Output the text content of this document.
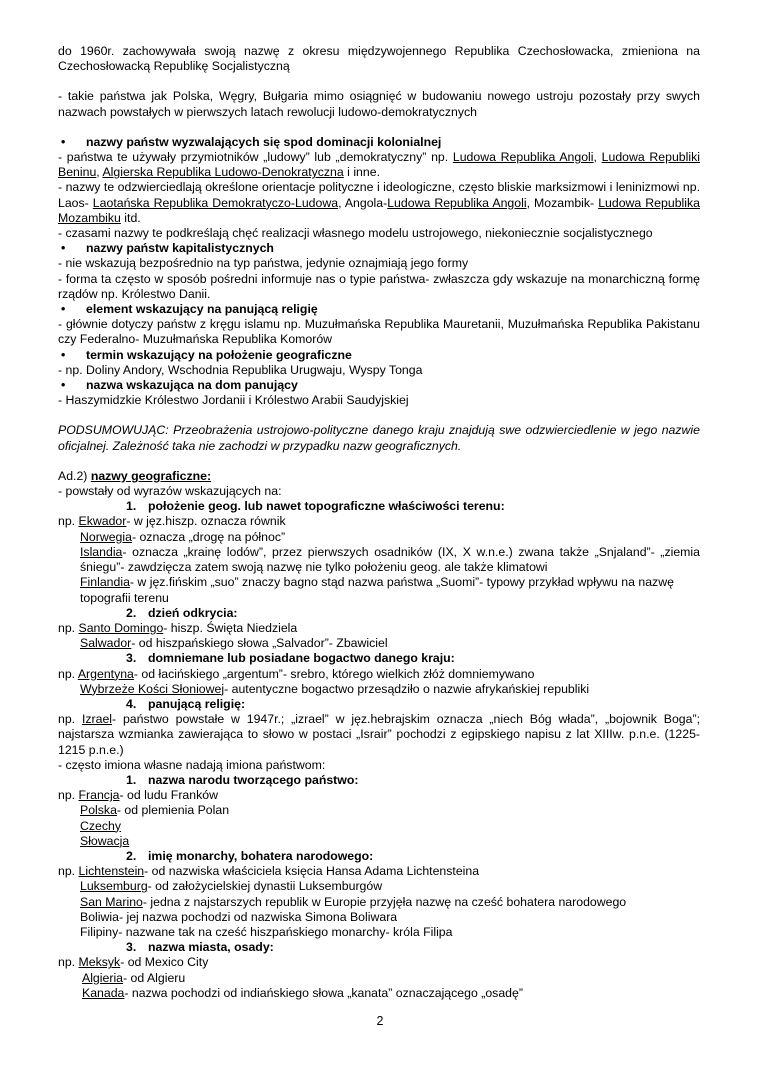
do 1960r. zachowywała swoją nazwę z okresu międzywojennego Republika Czechosłowacka, zmieniona na Czechosłowacką Republikę Socjalistyczną

- takie państwa jak Polska, Węgry, Bułgaria mimo osiągnięć w budowaniu nowego ustroju pozostały przy swych nazwach powstałych w pierwszych latach rewolucji ludowo-demokratycznych

• nazwy państw wyzwalających się spod dominacji kolonialnej

- państwa te używały przymiotników „ludowy” lub „demokratyczny” np. Ludowa Republika Angoli, Ludowa Republiki Beninu, Algierska Republika Ludowo-Denokratyczna i inne.

- nazwy te odzwierciedlają określone orientacje polityczne i ideologiczne, często bliskie marksizmowi i leninizmowi np. Laos- Laotańska Republika Demokratyczo-Ludowa, Angola-Ludowa Republika Angoli, Mozambik- Ludowa Republika Mozambiku itd.

- czasami nazwy te podkreślają chęć realizacji własnego modelu ustrojowego, niekoniecznie socjalistycznego

• nazwy państw kapitalistycznych

- nie wskazują bezpośrednio na typ państwa, jedynie oznajmiają jego formy

- forma ta często w sposób pośredni informuje nas o typie państwa- zwłaszcza gdy wskazuje na monarchiczną formę rządów np. Królestwo Danii.

• element wskazujący na panującą religię

- głównie dotyczy państw z kręgu islamu np. Muzułmańska Republika Mauretanii, Muzułmańska Republika Pakistanu czy Federalno- Muzułmańska Republika Komorów

• termin wskazujący na położenie geograficzne

- np. Doliny Andory, Wschodnia Republika Urugwaju, Wyspy Tonga

• nazwa wskazująca na dom panujący

- Haszymidzkie Królestwo Jordanii i Królestwo Arabii Saudyjskiej

PODSUMOWUJĄC: Przeobrażenia ustrojowo-polityczne danego kraju znajdują swe odzwierciedlenie w jego nazwie oficjalnej. Zależność taka nie zachodzi w przypadku nazw geograficznych.

Ad.2) nazwy geograficzne:

- powstały od wyrazów wskazujących na:

1. położenie geog. lub nawet topograficzne właściwości terenu:

np. Ekwador- w jęz.hiszp. oznacza równik

Norwegia- oznacza „drogę na północ”

Islandia- oznacza „krainę lodów”, przez pierwszych osadników (IX, X w.n.e.) zwana także „Snjaland”- „ziemia śniegu”- zawdzięcza zatem swoją nazwę nie tylko położeniu geog. ale także klimatowi

Finlandia- w jęz.fińskim „suo” znaczy bagno stąd nazwa państwa „Suomi”- typowy przykład wpływu na nazwę topografii terenu

2. dzień odkrycia:

np. Santo Domingo- hiszp. Święta Niedziela

Salwador- od hiszpańskiego słowa „Salvador”- Zbawiciel

3. domniemane lub posiadane bogactwo danego kraju:

np. Argentyna- od łacińskiego „argentum”- srebro, którego wielkich złóż domniemywano

Wybrzeże Kości Słoniowej- autentyczne bogactwo przesądziło o nazwie afrykańskiej republiki

4. panującą religię:

np. Izrael- państwo powstałe w 1947r.; „izrael” w jęz.hebrajskim oznacza „niech Bóg włada”, „bojownik Boga”; najstarsza wzmianka zawierająca to słowo w postaci „Israir” pochodzi z egipskiego napisu z lat XIIIw. p.n.e. (1225-1215 p.n.e.)

- często imiona własne nadają imiona państwom:

1. nazwa narodu tworzącego państwo:

np. Francja- od ludu Franków

Polska- od plemienia Polan

Czechy

Słowacja

2. imię monarchy, bohatera narodowego:

np. Lichtenstein- od nazwiska właściciela księcia Hansa Adama Lichtensteina

Luksemburg- od założycielskiej dynastii Luksemburgów

San Marino- jedna z najstarszych republik w Europie przyjęła nazwę na cześć bohatera narodowego

Boliwia- jej nazwa pochodzi od nazwiska Simona Boliwara

Filipiny- nazwane tak na cześć hiszpańskiego monarchy- króla Filipa

3. nazwa miasta, osady:

np. Meksyk- od Mexico City

Algieria- od Algieru

Kanada- nazwa pochodzi od indiańskiego słowa „kanata” oznaczającego „osadę”

2
